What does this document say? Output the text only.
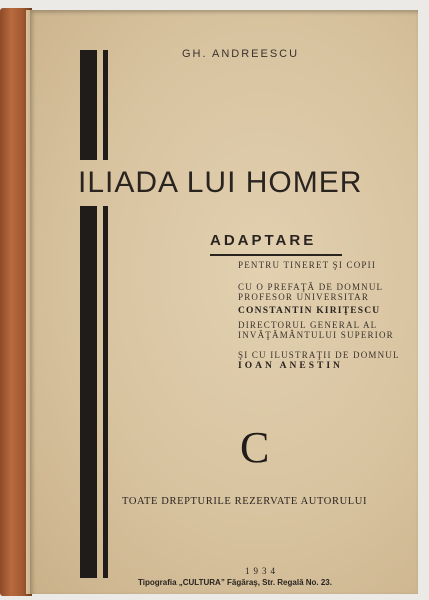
GH. ANDREESCU
ILIADA LUI HOMER
ADAPTARE
PENTRU TINERET ŞI COPII
CU O PREFAŢĂ DE DOMNUL
PROFESOR UNIVERSITAR
CONSTANTIN KIRIŢESCU
DIRECTORUL GENERAL AL
INVĂŢĂMÂNTULUI SUPERIOR
ŞI CU ILUSTRAŢII DE DOMNUL
IOAN ANESTIN
C
TOATE DREPTURILE REZERVATE AUTORULUI
1934
Tipografia „CULTURA” Făgăraş, Str. Regală No. 23.
